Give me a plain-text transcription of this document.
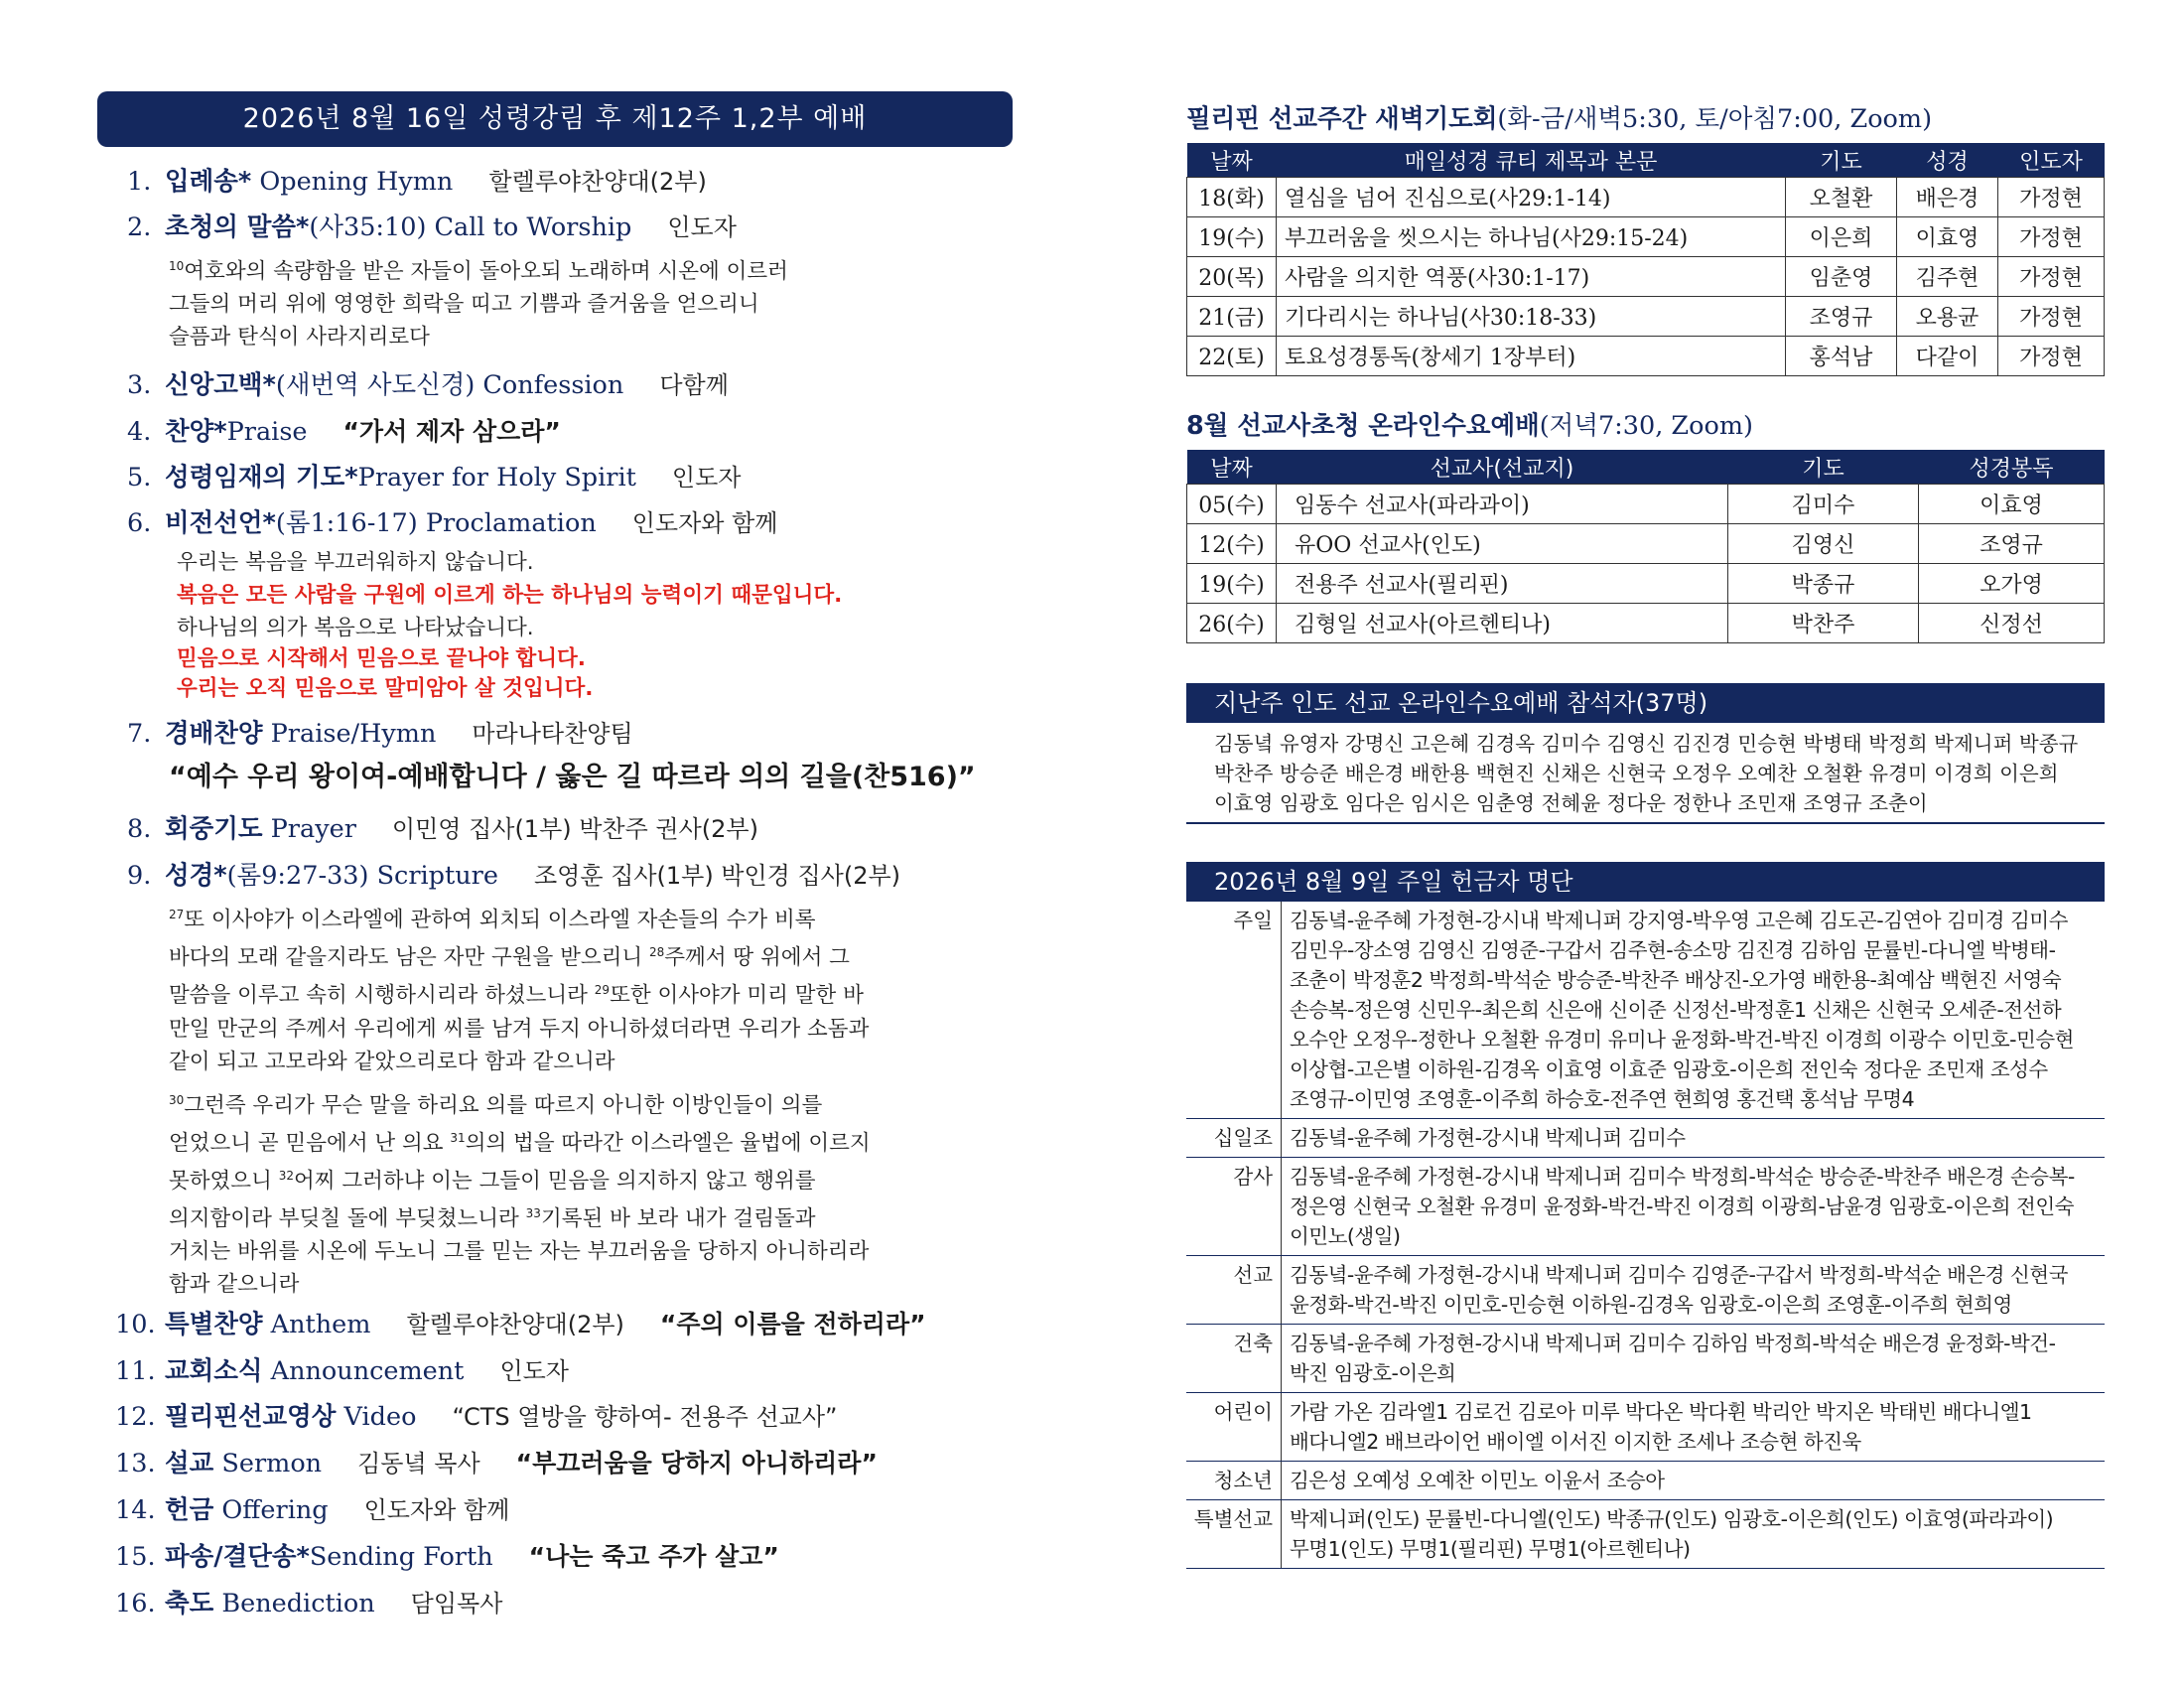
2026년 8월 16일 성령강림 후 제12주 1,2부 예배
1. 입례송* Opening Hymn 할렐루야찬양대(2부)
2. 초청의 말씀*(사35:10) Call to Worship 인도자
$^{10}$여호와의 속량함을 받은 자들이 돌아오되 노래하며 시온에 이르러
그들의 머리 위에 영영한 희락을 띠고 기쁨과 즐거움을 얻으리니
슬픔과 탄식이 사라지리로다
3. 신앙고백*(새번역 사도신경) Confession 다함께
4. 찬양*Praise “가서 제자 삼으라”
5. 성령임재의 기도*Prayer for Holy Spirit 인도자
6. 비전선언*(롬1:16-17) Proclamation 인도자와 함께
우리는 복음을 부끄러워하지 않습니다.
복음은 모든 사람을 구원에 이르게 하는 하나님의 능력이기 때문입니다.
하나님의 의가 복음으로 나타났습니다.
믿음으로 시작해서 믿음으로 끝나야 합니다.
우리는 오직 믿음으로 말미암아 살 것입니다.
7. 경배찬양 Praise/Hymn 마라나타찬양팀
“예수 우리 왕이여-예배합니다 / 옳은 길 따르라 의의 길을(찬516)”
8. 회중기도 Prayer 이민영 집사(1부) 박찬주 권사(2부)
9. 성경*(롬9:27-33) Scripture 조영훈 집사(1부) 박인경 집사(2부)
$^{27}$또 이사야가 이스라엘에 관하여 외치되 이스라엘 자손들의 수가 비록
바다의 모래 같을지라도 남은 자만 구원을 받으리니 $^{28}$주께서 땅 위에서 그
말씀을 이루고 속히 시행하시리라 하셨느니라 $^{29}$또한 이사야가 미리 말한 바
만일 만군의 주께서 우리에게 씨를 남겨 두지 아니하셨더라면 우리가 소돔과
같이 되고 고모라와 같았으리로다 함과 같으니라
$^{30}$그런즉 우리가 무슨 말을 하리요 의를 따르지 아니한 이방인들이 의를
얻었으니 곧 믿음에서 난 의요 $^{31}$의의 법을 따라간 이스라엘은 율법에 이르지
못하였으니 $^{32}$어찌 그러하냐 이는 그들이 믿음을 의지하지 않고 행위를
의지함이라 부딪칠 돌에 부딪쳤느니라 $^{33}$기록된 바 보라 내가 걸림돌과
거치는 바위를 시온에 두노니 그를 믿는 자는 부끄러움을 당하지 아니하리라
함과 같으니라
10. 특별찬양 Anthem 할렐루야찬양대(2부) “주의 이름을 전하리라”
11. 교회소식 Announcement 인도자
12. 필리핀선교영상 Video “CTS 열방을 향하여- 전용주 선교사”
13. 설교 Sermon 김동녘 목사 “부끄러움을 당하지 아니하리라”
14. 헌금 Offering 인도자와 함께
15. 파송/결단송*Sending Forth “나는 죽고 주가 살고”
16. 축도 Benediction 담임목사
필리핀 선교주간 새벽기도회(화-금/새벽5:30, 토/아침7:00, Zoom)
날짜	매일성경 큐티 제목과 본문	기도	성경	인도자
18(화)	열심을 넘어 진심으로(사29:1-14)	오철환	배은경	가정현
19(수)	부끄러움을 씻으시는 하나님(사29:15-24)	이은희	이효영	가정현
20(목)	사람을 의지한 역풍(사30:1-17)	임춘영	김주현	가정현
21(금)	기다리시는 하나님(사30:18-33)	조영규	오용균	가정현
22(토)	토요성경통독(창세기 1장부터)	홍석남	다같이	가정현
8월 선교사초청 온라인수요예배(저녁7:30, Zoom)
날짜	선교사(선교지)	기도	성경봉독
05(수)	임동수 선교사(파라과이)	김미수	이효영
12(수)	유OO 선교사(인도)	김영신	조영규
19(수)	전용주 선교사(필리핀)	박종규	오가영
26(수)	김형일 선교사(아르헨티나)	박찬주	신정선
지난주 인도 선교 온라인수요예배 참석자(37명)
김동녘 유영자 강명신 고은혜 김경옥 김미수 김영신 김진경 민승현 박병태 박정희 박제니퍼 박종규
박찬주 방승준 배은경 배한용 백현진 신채은 신현국 오정우 오예찬 오철환 유경미 이경희 이은희
이효영 임광호 임다은 임시은 임춘영 전혜윤 정다운 정한나 조민재 조영규 조춘이
2026년 8월 9일 주일 헌금자 명단
주일 김동녘-윤주혜 가정현-강시내 박제니퍼 강지영-박우영 고은혜 김도곤-김연아 김미경 김미수
김민우-장소영 김영신 김영준-구갑서 김주현-송소망 김진경 김하임 문률빈-다니엘 박병태-
조춘이 박정훈2 박정희-박석순 방승준-박찬주 배상진-오가영 배한용-최예삼 백현진 서영숙
손승복-정은영 신민우-최은희 신은애 신이준 신정선-박정훈1 신채은 신현국 오세준-전선하
오수안 오정우-정한나 오철환 유경미 유미나 윤정화-박건-박진 이경희 이광수 이민호-민승현
이상협-고은별 이하원-김경옥 이효영 이효준 임광호-이은희 전인숙 정다운 조민재 조성수
조영규-이민영 조영훈-이주희 하승호-전주연 현희영 홍건택 홍석남 무명4
십일조 김동녘-윤주혜 가정현-강시내 박제니퍼 김미수
감사 김동녘-윤주혜 가정현-강시내 박제니퍼 김미수 박정희-박석순 방승준-박찬주 배은경 손승복-
정은영 신현국 오철환 유경미 윤정화-박건-박진 이경희 이광희-남윤경 임광호-이은희 전인숙
이민노(생일)
선교 김동녘-윤주혜 가정현-강시내 박제니퍼 김미수 김영준-구갑서 박정희-박석순 배은경 신현국
윤정화-박건-박진 이민호-민승현 이하원-김경옥 임광호-이은희 조영훈-이주희 현희영
건축 김동녘-윤주혜 가정현-강시내 박제니퍼 김미수 김하임 박정희-박석순 배은경 윤정화-박건-
박진 임광호-이은희
어린이 가람 가온 김라엘1 김로건 김로아 미루 박다온 박다휜 박리안 박지온 박태빈 배다니엘1
배다니엘2 배브라이언 배이엘 이서진 이지한 조세나 조승현 하진욱
청소년 김은성 오예성 오예찬 이민노 이윤서 조승아
특별선교 박제니퍼(인도) 문률빈-다니엘(인도) 박종규(인도) 임광호-이은희(인도) 이효영(파라과이)
무명1(인도) 무명1(필리핀) 무명1(아르헨티나)
